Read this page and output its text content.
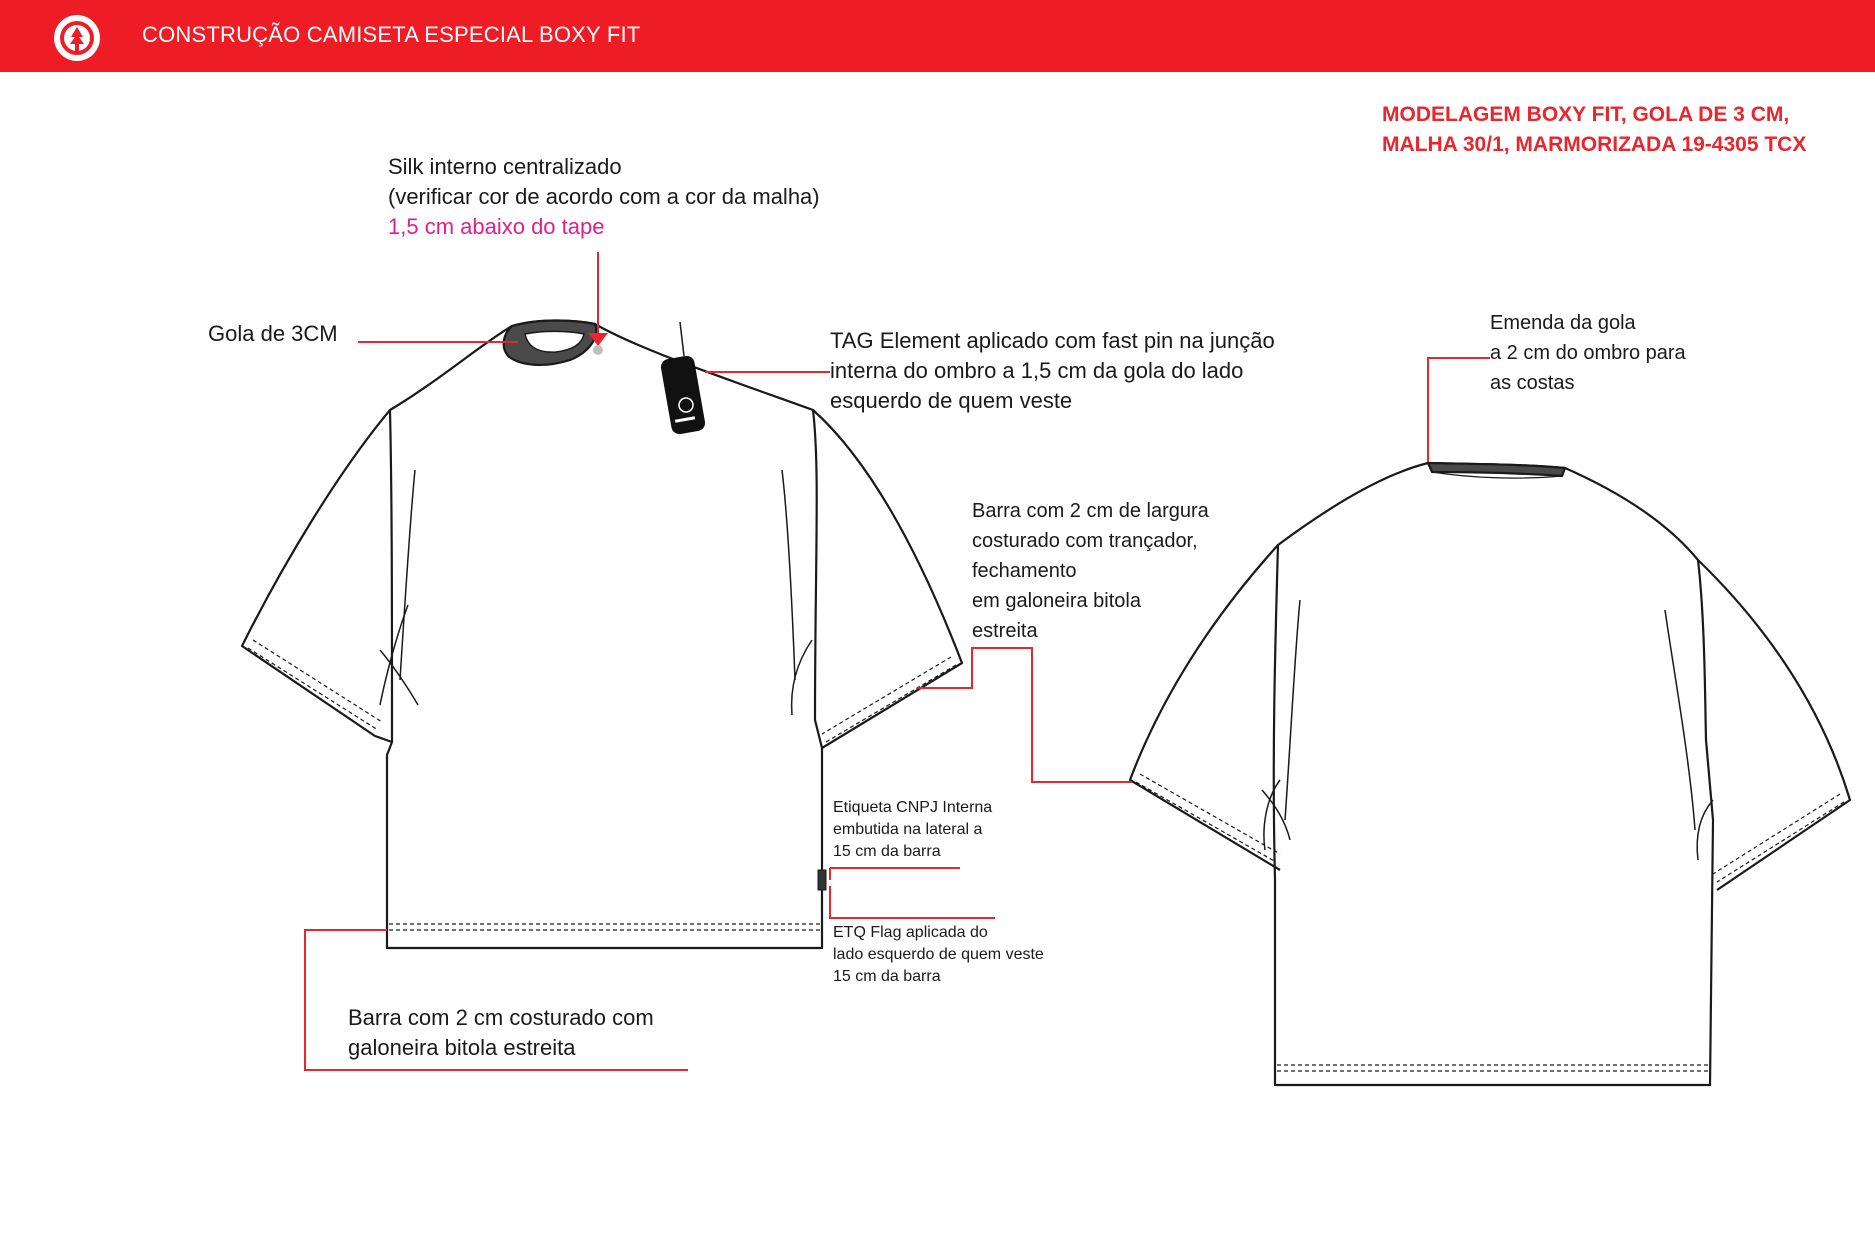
CONSTRUÇÃO CAMISETA ESPECIAL BOXY FIT
MODELAGEM BOXY FIT, GOLA DE 3 CM,
MALHA 30/1, MARMORIZADA 19-4305 TCX
Silk interno centralizado
(verificar cor de acordo com a cor da malha)
1,5 cm abaixo do tape
Gola de 3CM	TAG Element aplicado com fast pin na junção
interna do ombro a 1,5 cm da gola do lado
esquerdo de quem veste
Emenda da gola
a 2 cm do ombro para
as costas
Barra com 2 cm de largura
costurado com trançador,
fechamento
em galoneira bitola
estreita
Etiqueta CNPJ Interna
embutida na lateral a
15 cm da barra
ETQ Flag aplicada do
lado esquerdo de quem veste
15 cm da barra
Barra com 2 cm costurado com
galoneira bitola estreita
